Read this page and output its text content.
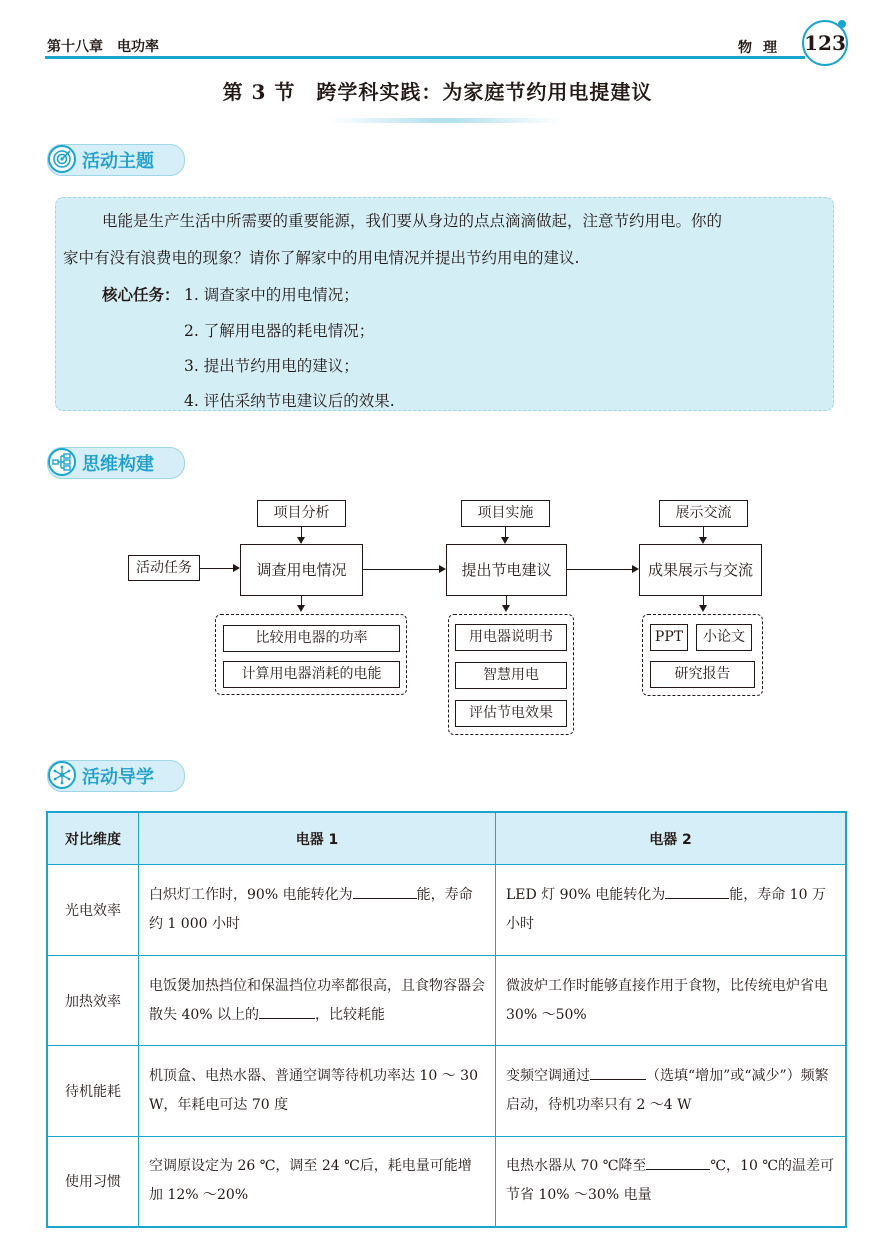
第十八章　电功率	物理 123
第 3 节　跨学科实践：为家庭节约用电提建议
活动主题
电能是生产生活中所需要的重要能源，我们要从身边的点点滴滴做起，注意节约用电。你的
家中有没有浪费电的现象？请你了解家中的用电情况并提出节约用电的建议.
核心任务： 1. 调查家中的用电情况；
2. 了解用电器的耗电情况；
3. 提出节约用电的建议；
4. 评估采纳节电建议后的效果.
思维构建
活动任务
项目分析
调查用电情况
比较用电器的功率
计算用电器消耗的电能
项目实施
提出节电建议
用电器说明书
智慧用电
评估节电效果
展示交流
成果展示与交流
PPT	小论文
研究报告
活动导学
对比维度	电器 1	电器 2
光电效率	白炽灯工作时，90% 电能转化为 能，寿命约 1 000 小时	LED 灯 90% 电能转化为 能，寿命 10 万小时
加热效率	电饭煲加热挡位和保温挡位功率都很高，且食物容器会散失 40% 以上的 ，比较耗能	微波炉工作时能够直接作用于食物，比传统电炉省电 30% ～50%
待机能耗	机顶盒、电热水器、普通空调等待机功率达 10 ～ 30 W，年耗电可达 70 度	变频空调通过 （选填“增加”或“减少”）频繁启动，待机功率只有 2 ～4 W
使用习惯	空调原设定为 26 ℃，调至 24 ℃后，耗电量可能增加 12% ～20%	电热水器从 70 ℃降至 ℃，10 ℃的温差可节省 10% ～30% 电量
